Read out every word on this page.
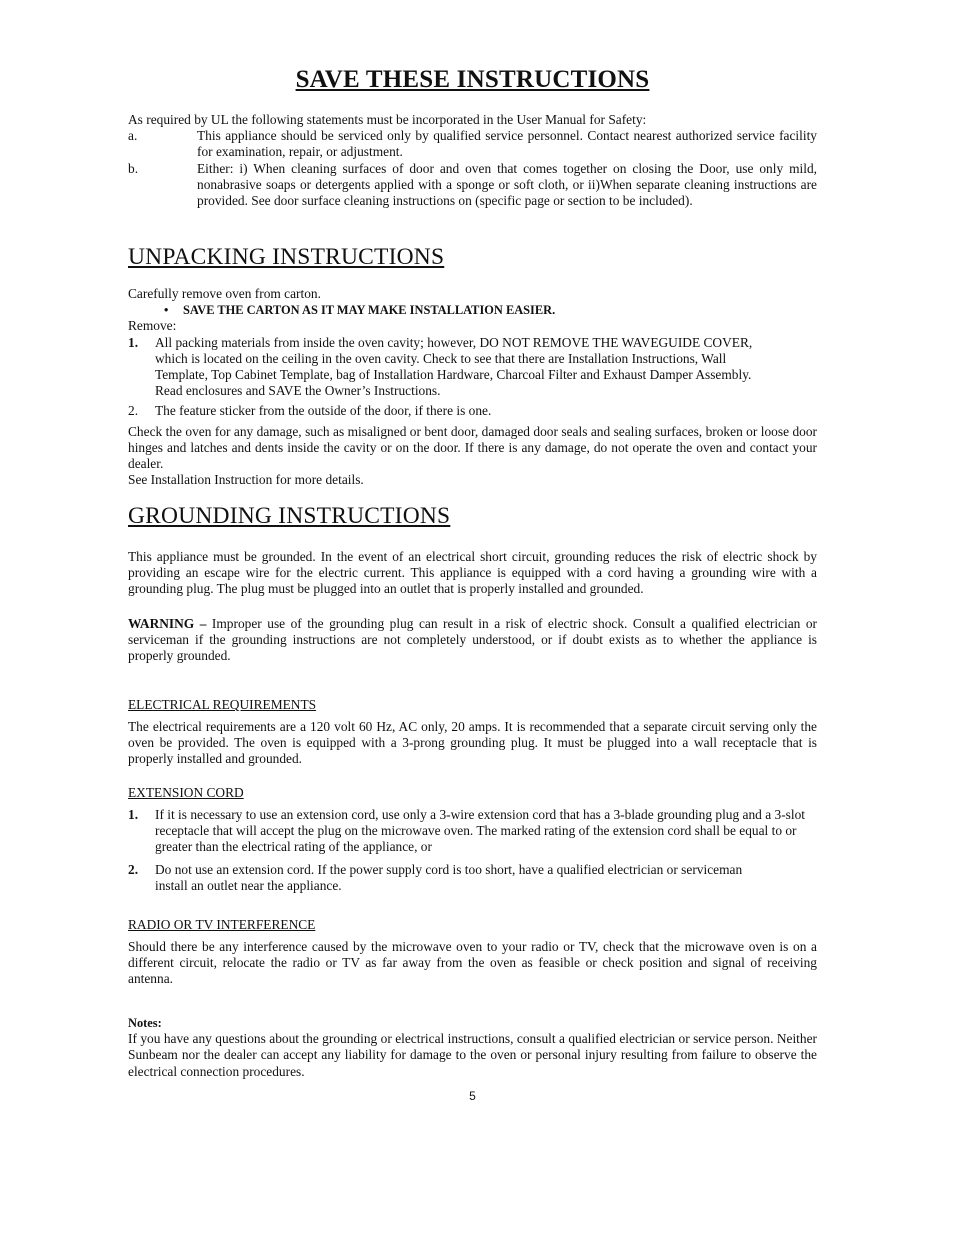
SAVE THESE INSTRUCTIONS

As required by UL the following statements must be incorporated in the User Manual for Safety:

a.	This appliance should be serviced only by qualified service personnel. Contact nearest authorized service facility for examination, repair, or adjustment.

b.	Either: i) When cleaning surfaces of door and oven that comes together on closing the Door, use only mild, nonabrasive soaps or detergents applied with a sponge or soft cloth, or ii)When separate cleaning instructions are provided. See door surface cleaning instructions on (specific page or section to be included).

UNPACKING INSTRUCTIONS

Carefully remove oven from carton.

•	SAVE THE CARTON AS IT MAY MAKE INSTALLATION EASIER.

Remove:

1.	All packing materials from inside the oven cavity; however, DO NOT REMOVE THE WAVEGUIDE COVER, which is located on the ceiling in the oven cavity. Check to see that there are Installation Instructions, Wall Template, Top Cabinet Template, bag of Installation Hardware, Charcoal Filter and Exhaust Damper Assembly. Read enclosures and SAVE the Owner’s Instructions.

2.	The feature sticker from the outside of the door, if there is one.

Check the oven for any damage, such as misaligned or bent door, damaged door seals and sealing surfaces, broken or loose door hinges and latches and dents inside the cavity or on the door. If there is any damage, do not operate the oven and contact your dealer.

See Installation Instruction for more details.

GROUNDING INSTRUCTIONS

This appliance must be grounded. In the event of an electrical short circuit, grounding reduces the risk of electric shock by providing an escape wire for the electric current. This appliance is equipped with a cord having a grounding wire with a grounding plug. The plug must be plugged into an outlet that is properly installed and grounded.

WARNING – Improper use of the grounding plug can result in a risk of electric shock. Consult a qualified electrician or serviceman if the grounding instructions are not completely understood, or if doubt exists as to whether the appliance is properly grounded.

ELECTRICAL REQUIREMENTS

The electrical requirements are a 120 volt 60 Hz, AC only, 20 amps. It is recommended that a separate circuit serving only the oven be provided. The oven is equipped with a 3-prong grounding plug. It must be plugged into a wall receptacle that is properly installed and grounded.

EXTENSION CORD
1.	If it is necessary to use an extension cord, use only a 3-wire extension cord that has a 3-blade grounding plug and a 3-slot receptacle that will accept the plug on the microwave oven. The marked rating of the extension cord shall be equal to or greater than the electrical rating of the appliance, or

2.	Do not use an extension cord. If the power supply cord is too short, have a qualified electrician or serviceman install an outlet near the appliance.

RADIO OR TV INTERFERENCE

Should there be any interference caused by the microwave oven to your radio or TV, check that the microwave oven is on a different circuit, relocate the radio or TV as far away from the oven as feasible or check position and signal of receiving antenna.

Notes:

If you have any questions about the grounding or electrical instructions, consult a qualified electrician or service person. Neither Sunbeam nor the dealer can accept any liability for damage to the oven or personal injury resulting from failure to observe the electrical connection procedures.

5
